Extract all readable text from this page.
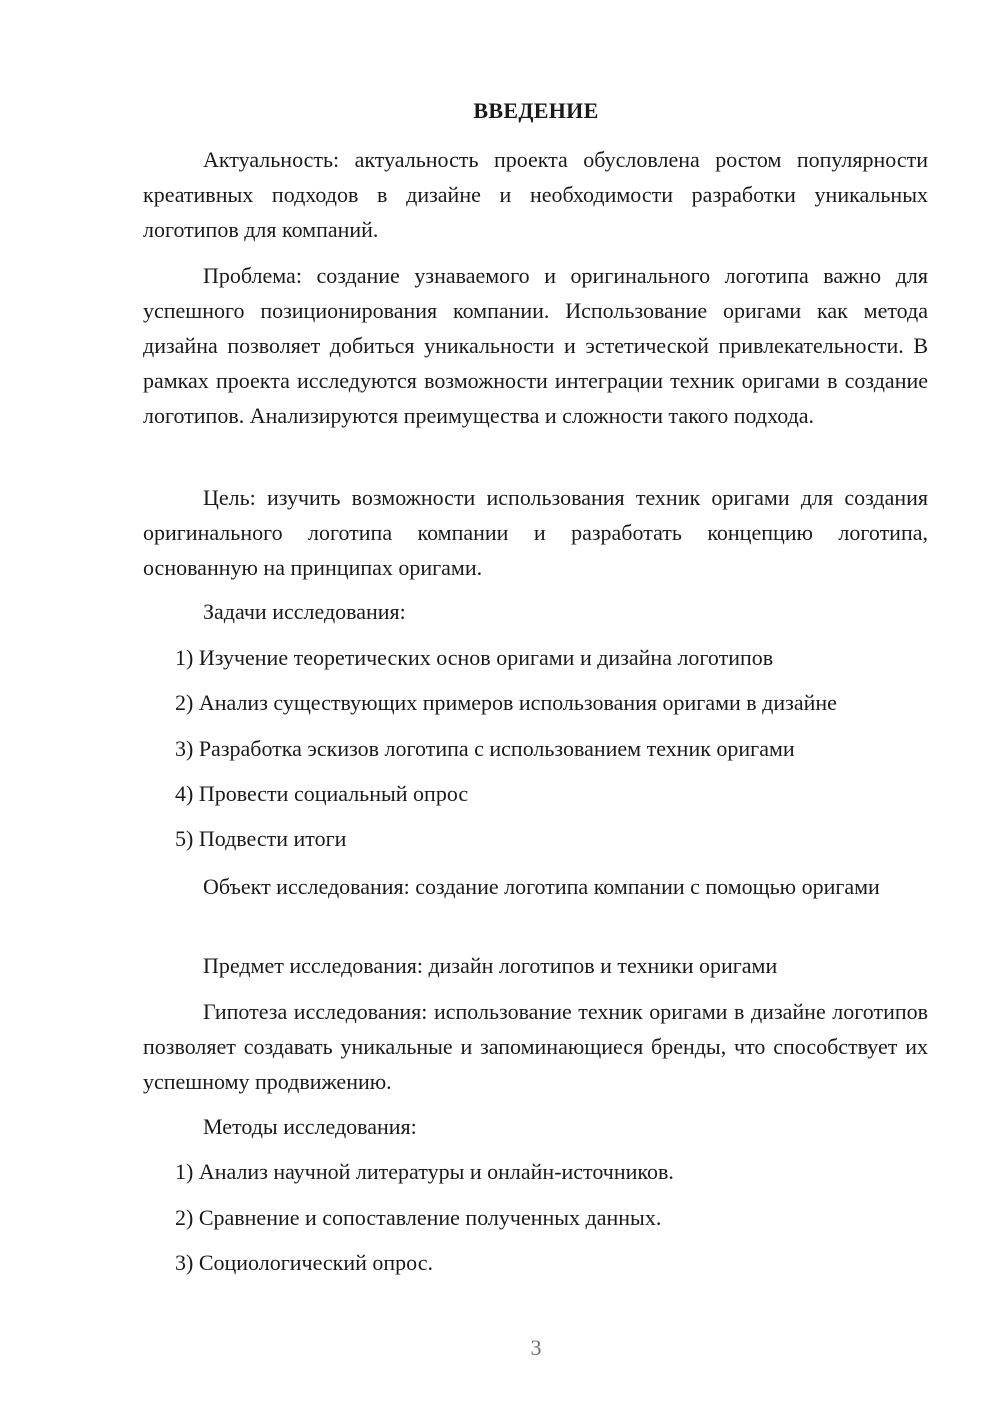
ВВЕДЕНИЕ

Актуальность: актуальность проекта обусловлена ростом популярности креативных подходов в дизайне и необходимости разработки уникальных логотипов для компаний.

Проблема: создание узнаваемого и оригинального логотипа важно для успешного позиционирования компании. Использование оригами как метода дизайна позволяет добиться уникальности и эстетической привлекательности. В рамках проекта исследуются возможности интеграции техник оригами в создание логотипов. Анализируются преимущества и сложности такого подхода.

Цель: изучить возможности использования техник оригами для создания оригинального логотипа компании и разработать концепцию логотипа, основанную на принципах оригами.

Задачи исследования:

1) Изучение теоретических основ оригами и дизайна логотипов

2) Анализ существующих примеров использования оригами в дизайне

3) Разработка эскизов логотипа с использованием техник оригами

4) Провести социальный опрос

5) Подвести итоги

Объект исследования: создание логотипа компании с помощью оригами

Предмет исследования: дизайн логотипов и техники оригами

Гипотеза исследования: использование техник оригами в дизайне логотипов позволяет создавать уникальные и запоминающиеся бренды, что способствует их успешному продвижению.

Методы исследования:

1) Анализ научной литературы и онлайн-источников.

2) Сравнение и сопоставление полученных данных.

3) Социологический опрос.

3
